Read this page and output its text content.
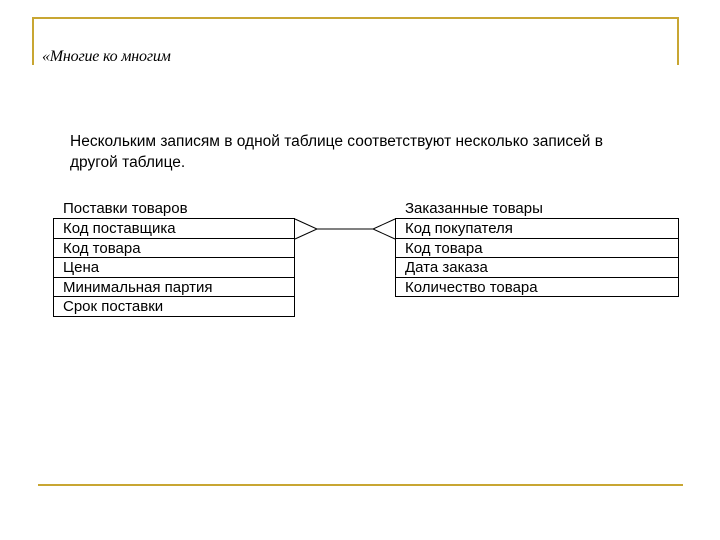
«Многие ко многим
Нескольким записям в одной таблице соответствуют несколько записей в
другой таблице.
Поставки товаров
Код поставщика
Код товара
Цена
Минимальная партия
Срок поставки
Заказанные товары
Код покупателя
Код товара
Дата заказа
Количество товара
